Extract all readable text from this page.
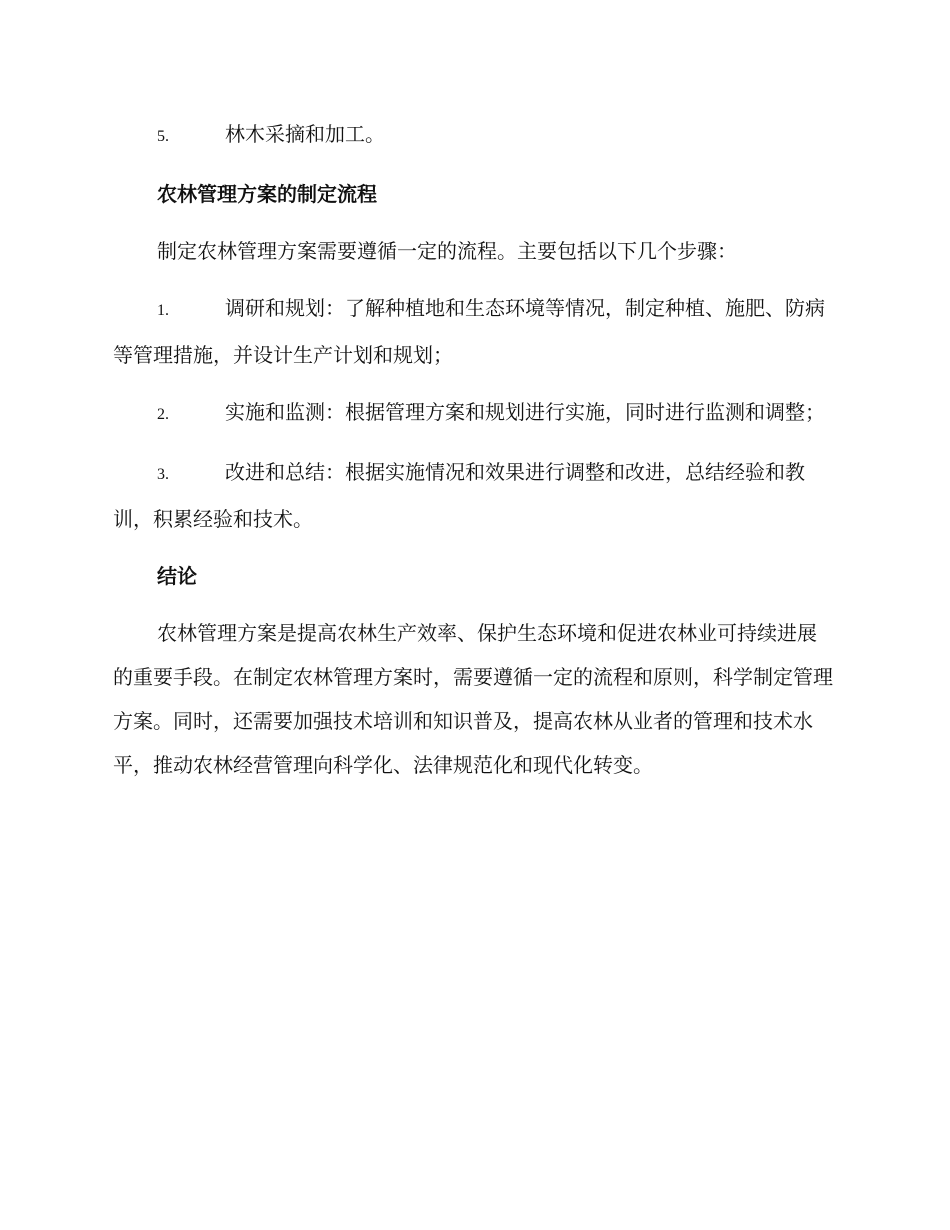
5.	林木采摘和加工。

农林管理方案的制定流程

制定农林管理方案需要遵循一定的流程。主要包括以下几个步骤：

1.	调研和规划：了解种植地和生态环境等情况，制定种植、施肥、防病等管理措施，并设计生产计划和规划；

2.	实施和监测：根据管理方案和规划进行实施，同时进行监测和调整；

3.	改进和总结：根据实施情况和效果进行调整和改进，总结经验和教训，积累经验和技术。

结论

农林管理方案是提高农林生产效率、保护生态环境和促进农林业可持续进展的重要手段。在制定农林管理方案时，需要遵循一定的流程和原则，科学制定管理方案。同时，还需要加强技术培训和知识普及，提高农林从业者的管理和技术水平，推动农林经营管理向科学化、法律规范化和现代化转变。
